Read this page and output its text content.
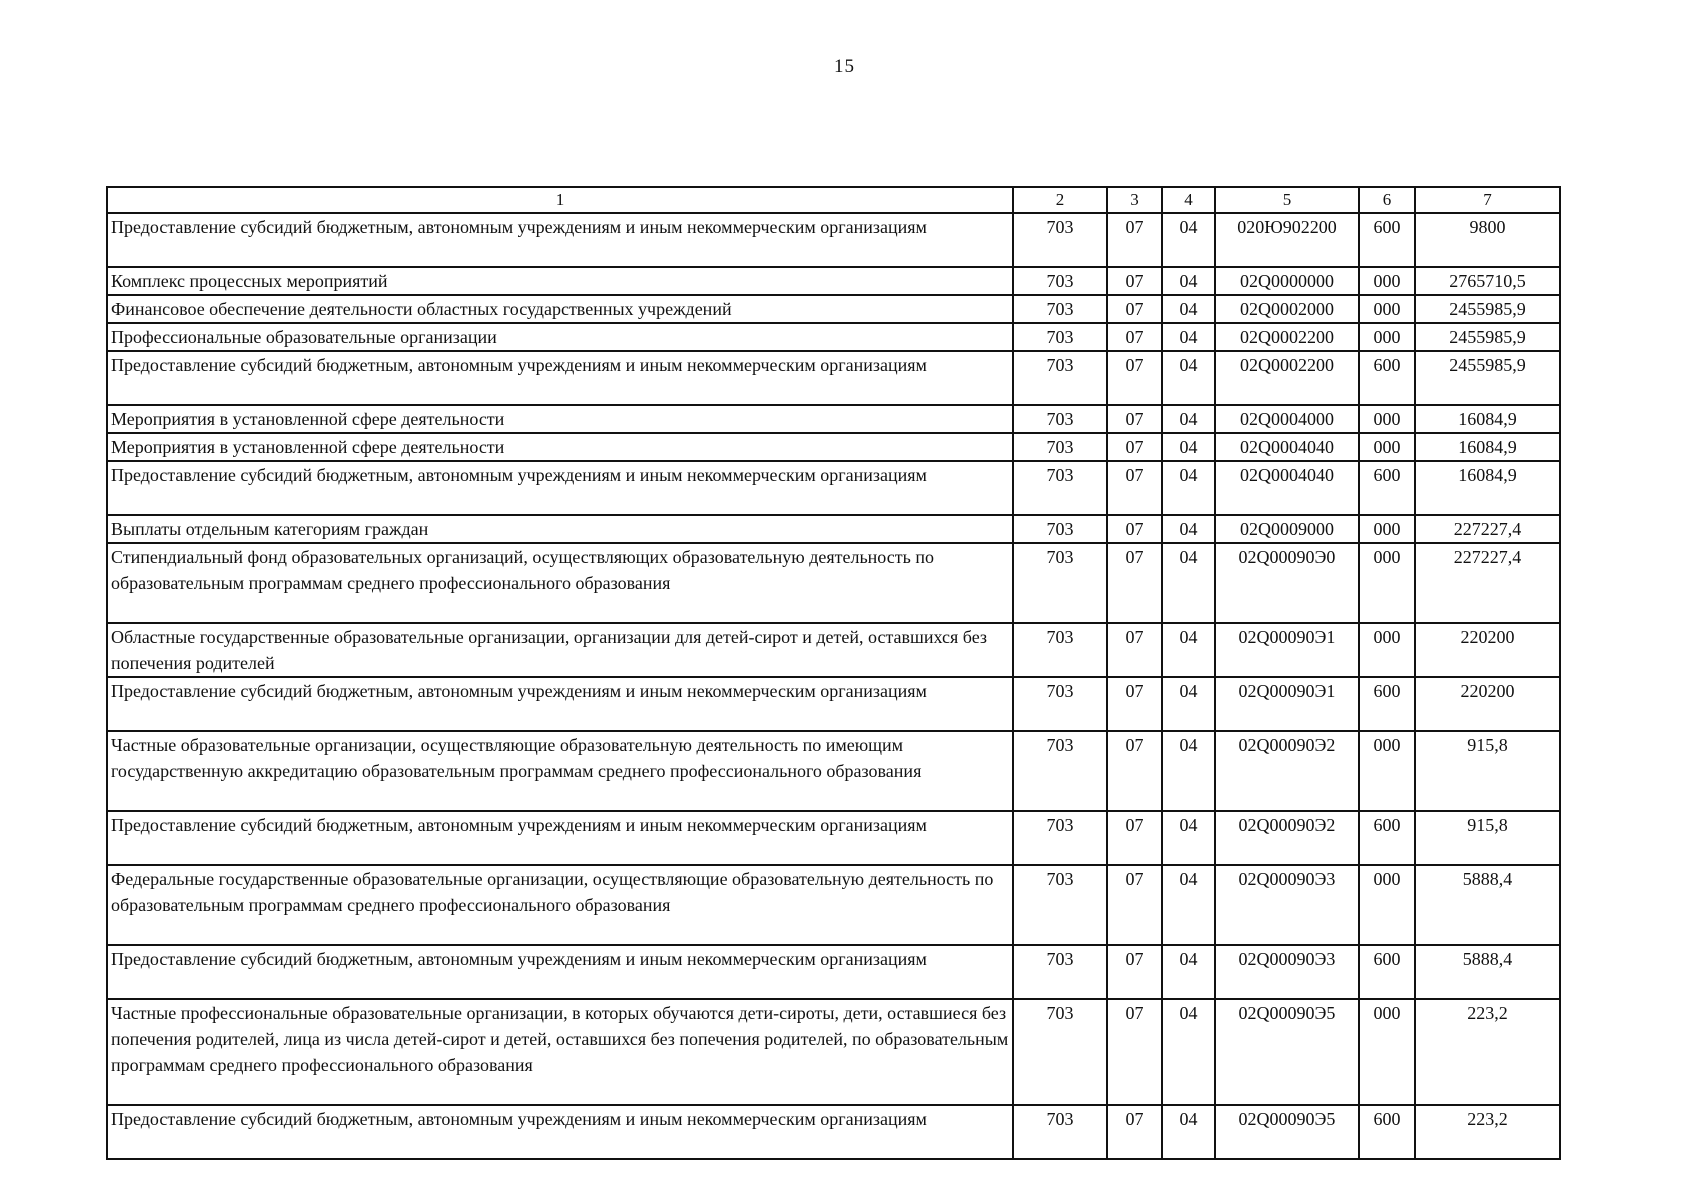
15
1	2	3	4	5	6	7
Предоставление субсидий бюджетным, автономным учреждениям и иным некоммерческим организациям	703	07	04	020Ю902200	600	9800
Комплекс процессных мероприятий	703	07	04	02Q0000000	000	2765710,5
Финансовое обеспечение деятельности областных государственных учреждений	703	07	04	02Q0002000	000	2455985,9
Профессиональные образовательные организации	703	07	04	02Q0002200	000	2455985,9
Предоставление субсидий бюджетным, автономным учреждениям и иным некоммерческим организациям	703	07	04	02Q0002200	600	2455985,9
Мероприятия в установленной сфере деятельности	703	07	04	02Q0004000	000	16084,9
Мероприятия в установленной сфере деятельности	703	07	04	02Q0004040	000	16084,9
Предоставление субсидий бюджетным, автономным учреждениям и иным некоммерческим организациям	703	07	04	02Q0004040	600	16084,9
Выплаты отдельным категориям граждан	703	07	04	02Q0009000	000	227227,4
Стипендиальный фонд образовательных организаций, осуществляющих образовательную деятельность по образовательным программам среднего профессионального образования	703	07	04	02Q00090Э0	000	227227,4
Областные государственные образовательные организации, организации для детей-сирот и детей, оставшихся без попечения родителей	703	07	04	02Q00090Э1	000	220200
Предоставление субсидий бюджетным, автономным учреждениям и иным некоммерческим организациям	703	07	04	02Q00090Э1	600	220200
Частные образовательные организации, осуществляющие образовательную деятельность по имеющим государственную аккредитацию образовательным программам среднего профессионального образования	703	07	04	02Q00090Э2	000	915,8
Предоставление субсидий бюджетным, автономным учреждениям и иным некоммерческим организациям	703	07	04	02Q00090Э2	600	915,8
Федеральные государственные образовательные организации, осуществляющие образовательную деятельность по образовательным программам среднего профессионального образования	703	07	04	02Q00090Э3	000	5888,4
Предоставление субсидий бюджетным, автономным учреждениям и иным некоммерческим организациям	703	07	04	02Q00090Э3	600	5888,4
Частные профессиональные образовательные организации, в которых обучаются дети-сироты, дети, оставшиеся без попечения родителей, лица из числа детей-сирот и детей, оставшихся без попечения родителей, по образовательным программам среднего профессионального образования	703	07	04	02Q00090Э5	000	223,2
Предоставление субсидий бюджетным, автономным учреждениям и иным некоммерческим организациям	703	07	04	02Q00090Э5	600	223,2
